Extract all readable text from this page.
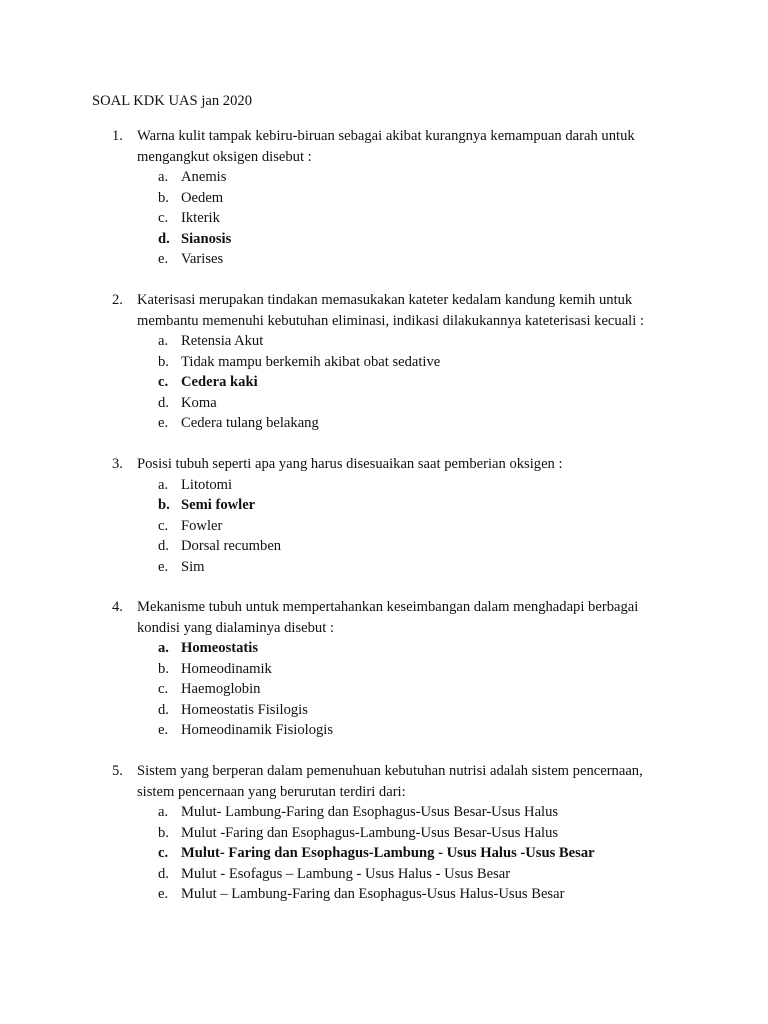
SOAL KDK UAS jan 2020
1. Warna kulit tampak kebiru-biruan sebagai akibat kurangnya kemampuan darah untuk
mengangkut oksigen disebut :
a. Anemis
b. Oedem
c. Ikterik
d. Sianosis
e. Varises
2. Katerisasi merupakan tindakan memasukakan kateter kedalam kandung kemih untuk
membantu memenuhi kebutuhan eliminasi, indikasi dilakukannya kateterisasi kecuali :
a. Retensia Akut
b. Tidak mampu berkemih akibat obat sedative
c. Cedera kaki
d. Koma
e. Cedera tulang belakang
3. Posisi tubuh seperti apa yang harus disesuaikan saat pemberian oksigen :
a. Litotomi
b. Semi fowler
c. Fowler
d. Dorsal recumben
e. Sim
4. Mekanisme tubuh untuk mempertahankan keseimbangan dalam menghadapi berbagai
kondisi yang dialaminya disebut :
a. Homeostatis
b. Homeodinamik
c. Haemoglobin
d. Homeostatis Fisilogis
e. Homeodinamik Fisiologis
5. Sistem yang berperan dalam pemenuhuan kebutuhan nutrisi adalah sistem pencernaan,
sistem pencernaan yang berurutan terdiri dari:
a. Mulut- Lambung-Faring dan Esophagus-Usus Besar-Usus Halus
b. Mulut -Faring dan Esophagus-Lambung-Usus Besar-Usus Halus
c. Mulut- Faring dan Esophagus-Lambung - Usus Halus -Usus Besar
d. Mulut - Esofagus – Lambung - Usus Halus - Usus Besar
e. Mulut – Lambung-Faring dan Esophagus-Usus Halus-Usus Besar
